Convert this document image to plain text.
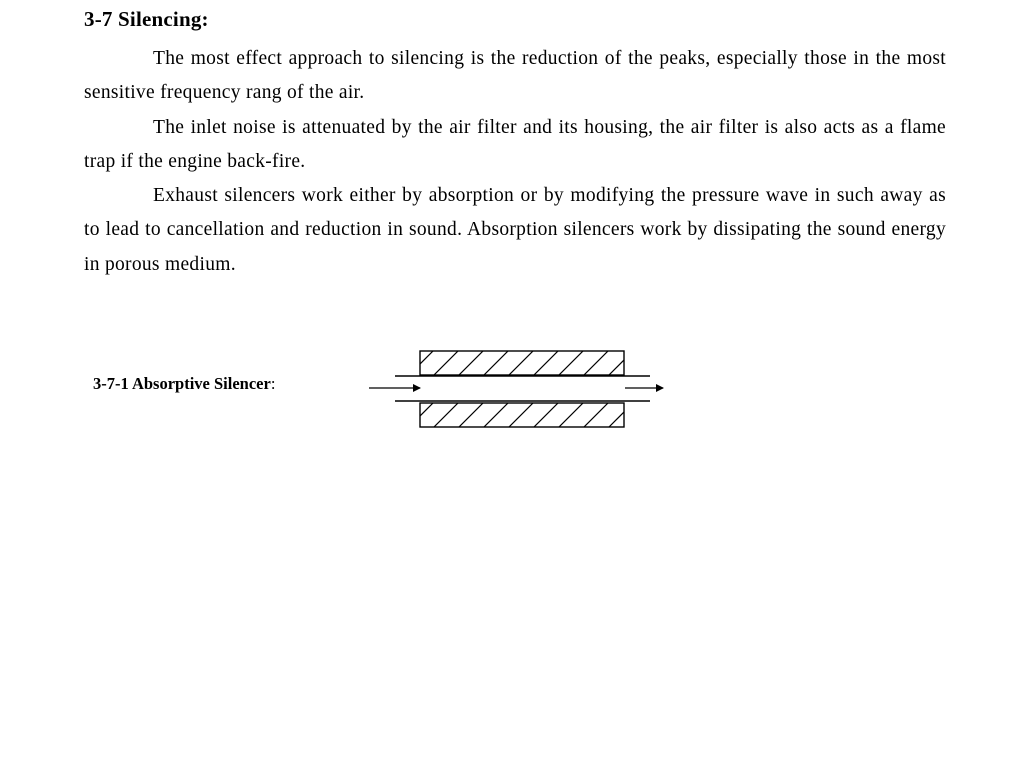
3-7 Silencing:

The most effect approach to silencing is the reduction of the peaks, especially those in the most sensitive frequency rang of the air.

The inlet noise is attenuated by the air filter and its housing, the air filter is also acts as a flame trap if the engine back-fire.

Exhaust silencers work either by absorption or by modifying the pressure wave in such away as to lead to cancellation and reduction in sound. Absorption silencers work by dissipating the sound energy in porous medium.

3-7-1 Absorptive Silencer:
